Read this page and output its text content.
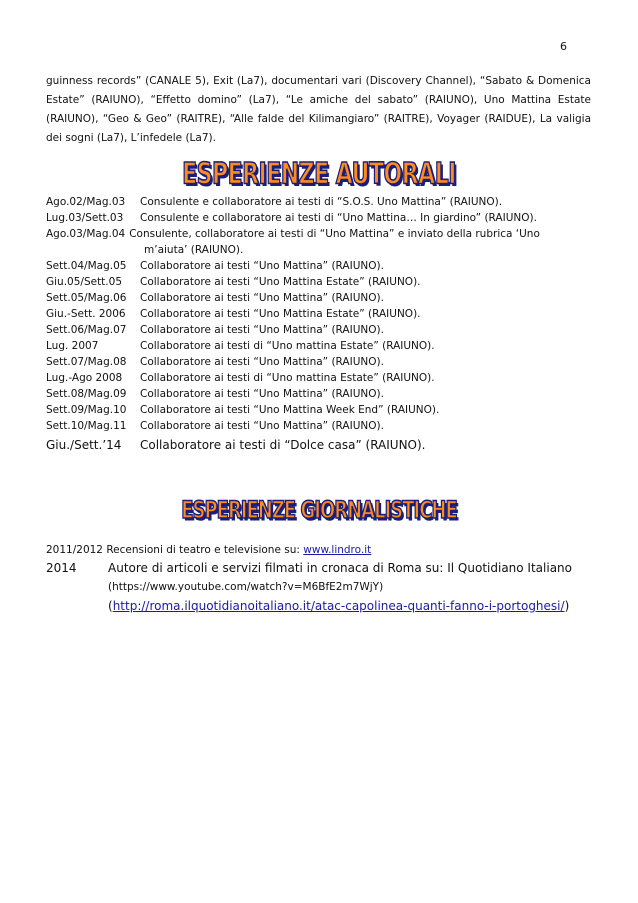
6

guinness records” (CANALE 5), Exit (La7), documentari vari (Discovery Channel), “Sabato & Domenica Estate” (RAIUNO), “Effetto domino” (La7), “Le amiche del sabato” (RAIUNO), Uno Mattina Estate (RAIUNO), “Geo & Geo” (RAITRE), “Alle falde del Kilimangiaro” (RAITRE), Voyager (RAIDUE), La valigia dei sogni (La7), L’infedele (La7).

ESPERIENZE AUTORALI
Ago.02/Mag.03	Consulente e collaboratore ai testi di “S.O.S. Uno Mattina” (RAIUNO).
Lug.03/Sett.03	Consulente e collaboratore ai testi di “Uno Mattina… In giardino” (RAIUNO).
Ago.03/Mag.04 Consulente, collaboratore ai testi di “Uno Mattina” e inviato della rubrica ‘Uno
m’aiuta’ (RAIUNO).
Sett.04/Mag.05	Collaboratore ai testi “Uno Mattina” (RAIUNO).
Giu.05/Sett.05	Collaboratore ai testi “Uno Mattina Estate” (RAIUNO).
Sett.05/Mag.06	Collaboratore ai testi “Uno Mattina” (RAIUNO).
Giu.-Sett. 2006	Collaboratore ai testi “Uno Mattina Estate” (RAIUNO).
Sett.06/Mag.07	Collaboratore ai testi “Uno Mattina” (RAIUNO).
Lug. 2007	Collaboratore ai testi di “Uno mattina Estate” (RAIUNO).
Sett.07/Mag.08	Collaboratore ai testi “Uno Mattina” (RAIUNO).
Lug.-Ago 2008	Collaboratore ai testi di “Uno mattina Estate” (RAIUNO).
Sett.08/Mag.09	Collaboratore ai testi “Uno Mattina” (RAIUNO).
Sett.09/Mag.10	Collaboratore ai testi “Uno Mattina Week End” (RAIUNO).
Sett.10/Mag.11	Collaboratore ai testi “Uno Mattina” (RAIUNO).
Giu./Sett.’14	Collaboratore ai testi di “Dolce casa” (RAIUNO).
ESPERIENZE GIORNALISTICHE
2011/2012 Recensioni di teatro e televisione su: www.lindro.it
2014	Autore di articoli e servizi filmati in cronaca di Roma su: Il Quotidiano Italiano
(https://www.youtube.com/watch?v=M6BfE2m7WjY)
(http://roma.ilquotidianoitaliano.it/atac-capolinea-quanti-fanno-i-portoghesi/)
